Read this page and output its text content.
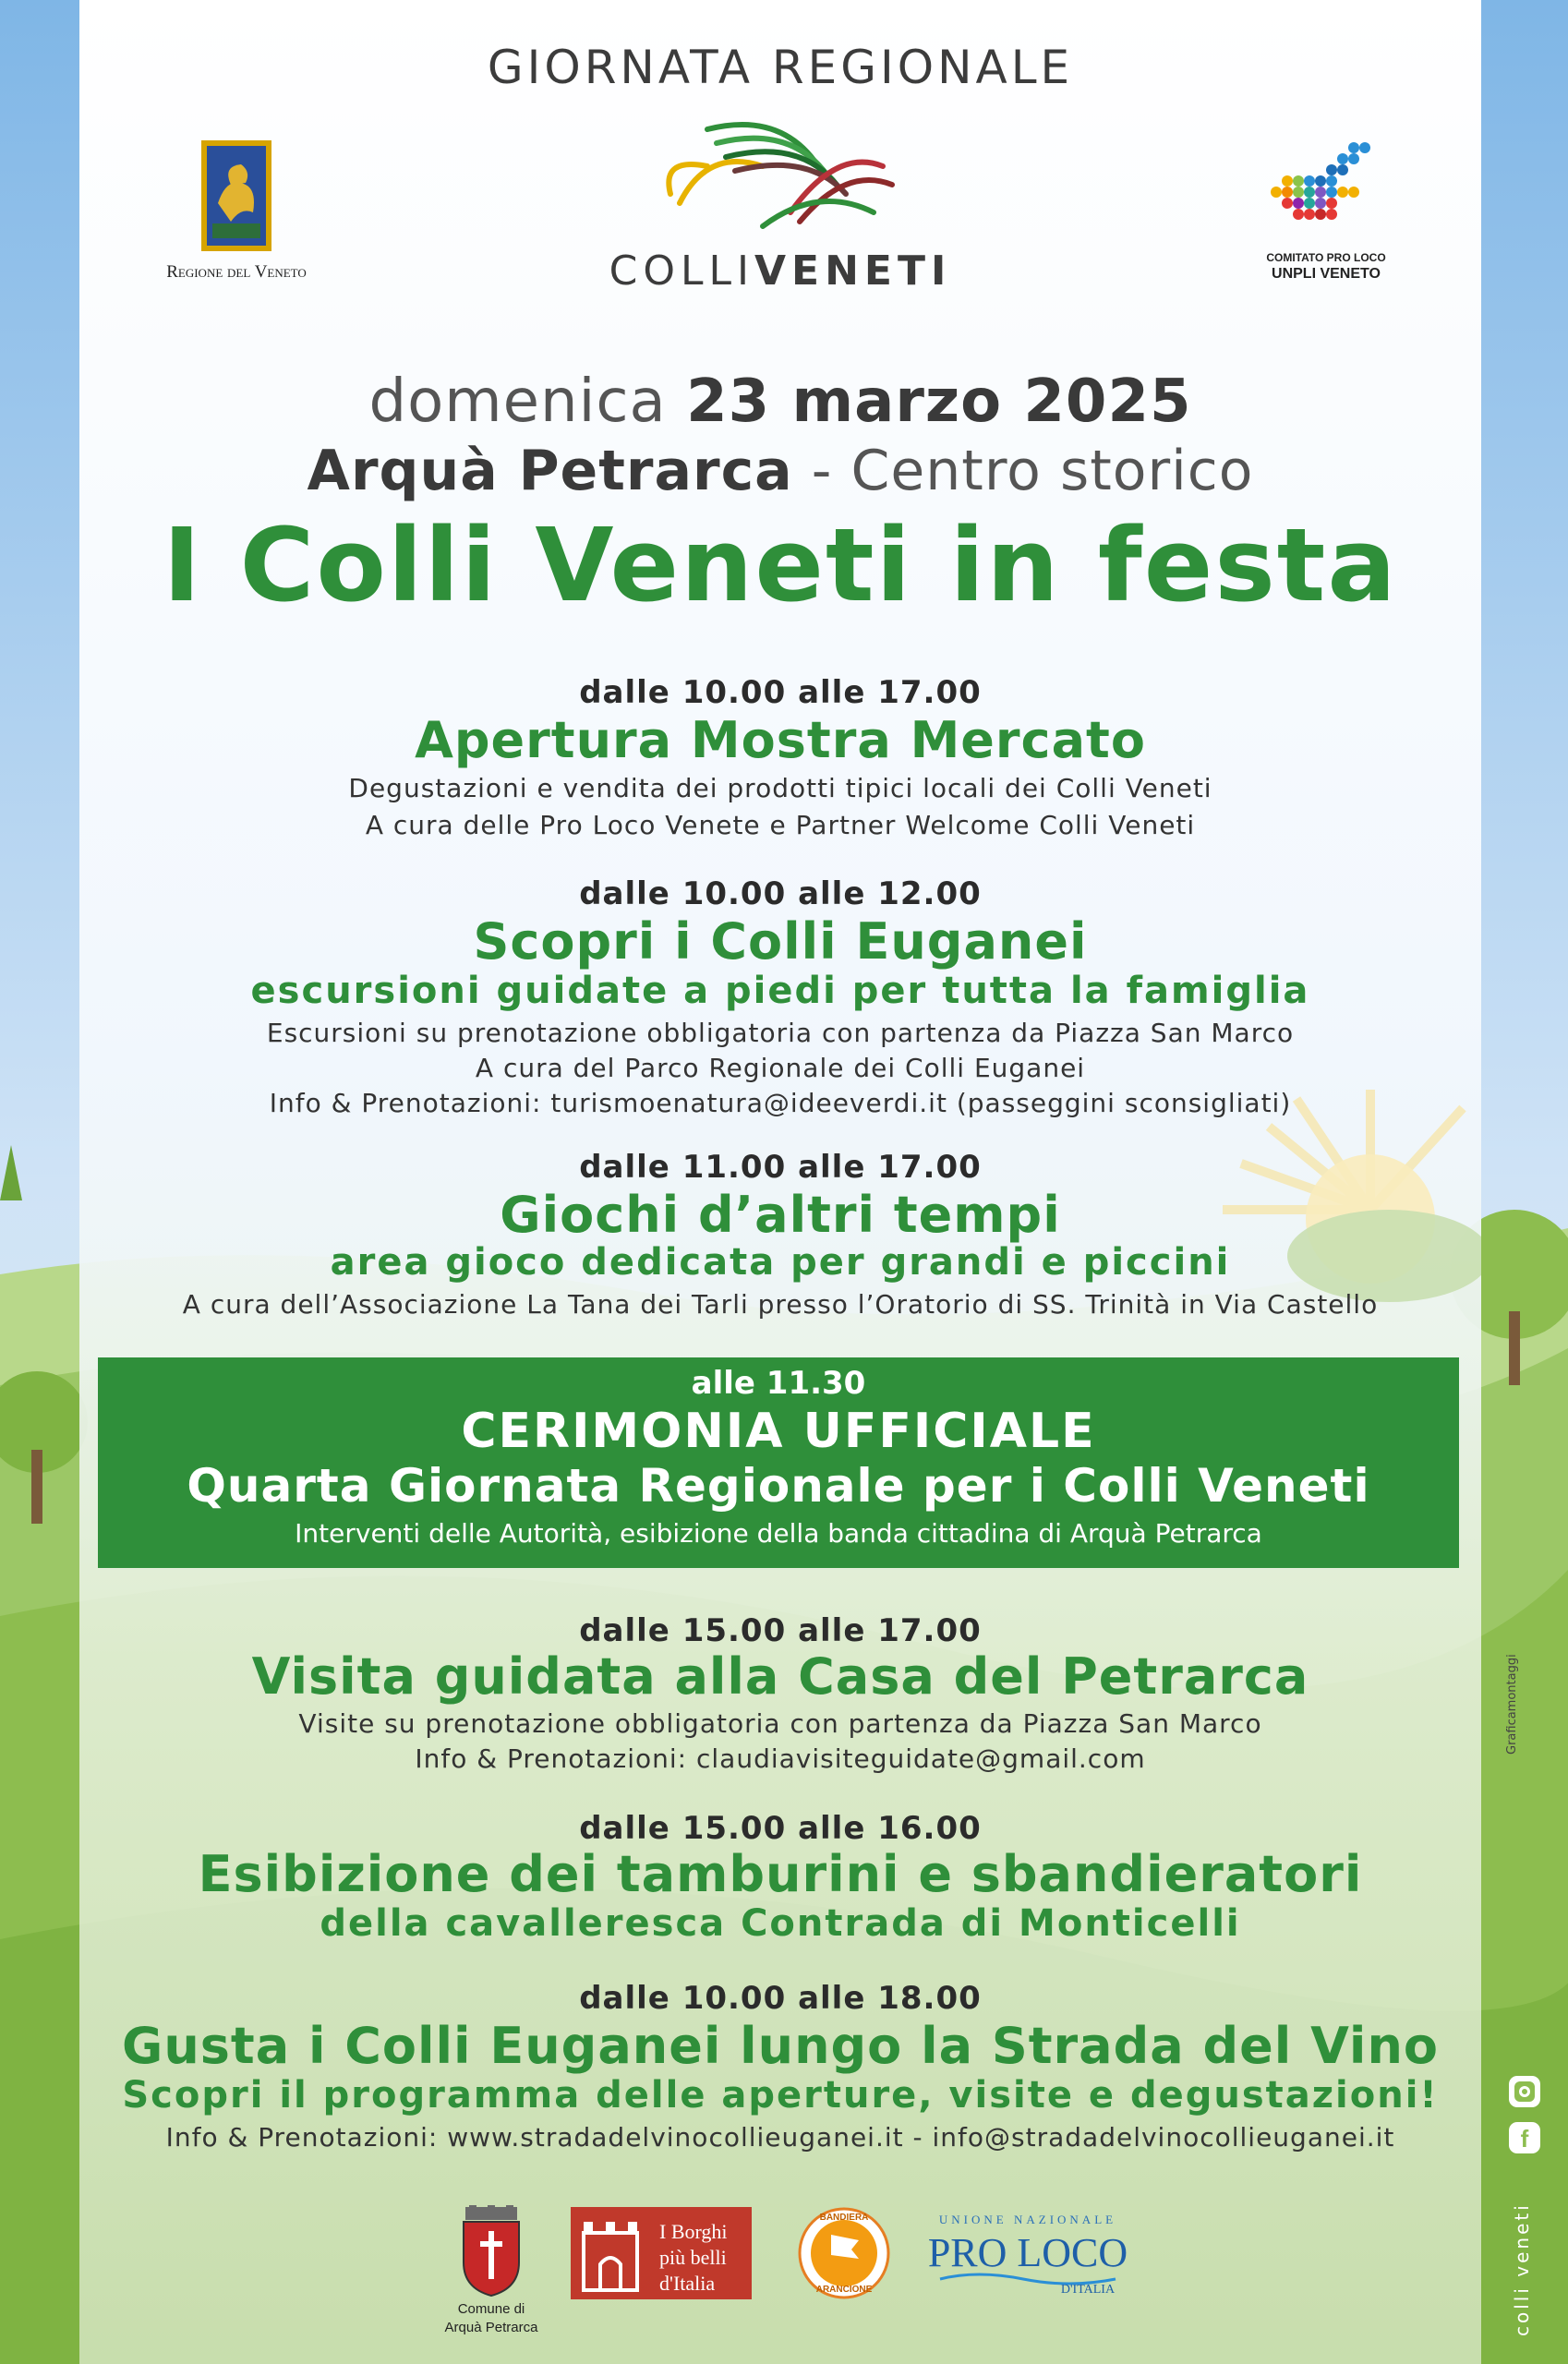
Graficamontaggi
f
colli veneti
GIORNATA REGIONALE
COLLIVENETI
Regione del Veneto
COMITATO PRO LOCO
UNPLI VENETO
domenica 23 marzo 2025
Arquà Petrarca - Centro storico
I Colli Veneti in festa
dalle 10.00 alle 17.00
Apertura Mostra Mercato
Degustazioni e vendita dei prodotti tipici locali dei Colli Veneti
A cura delle Pro Loco Venete e Partner Welcome Colli Veneti
dalle 10.00 alle 12.00
Scopri i Colli Euganei
escursioni guidate a piedi per tutta la famiglia
Escursioni su prenotazione obbligatoria con partenza da Piazza San Marco
A cura del Parco Regionale dei Colli Euganei
Info & Prenotazioni: turismoenatura@ideeverdi.it (passeggini sconsigliati)
dalle 11.00 alle 17.00
Giochi d’altri tempi
area gioco dedicata per grandi e piccini
A cura dell’Associazione La Tana dei Tarli presso l’Oratorio di SS. Trinità in Via Castello
alle 11.30
CERIMONIA UFFICIALE
Quarta Giornata Regionale per i Colli Veneti
Interventi delle Autorità, esibizione della banda cittadina di Arquà Petrarca
dalle 15.00 alle 17.00
Visita guidata alla Casa del Petrarca
Visite su prenotazione obbligatoria con partenza da Piazza San Marco
Info & Prenotazioni: claudiavisiteguidate@gmail.com
dalle 15.00 alle 16.00
Esibizione dei tamburini e sbandieratori
della cavalleresca Contrada di Monticelli
dalle 10.00 alle 18.00
Gusta i Colli Euganei lungo la Strada del Vino
Scopri il programma delle aperture, visite e degustazioni!
Info & Prenotazioni: www.stradadelvinocollieuganei.it - info@stradadelvinocollieuganei.it
Comune di
Arquà Petrarca
I Borghi
più belli
d'Italia
BANDIERA
ARANCIONE
UNIONE NAZIONALE
PRO LOCO
D'ITALIA
